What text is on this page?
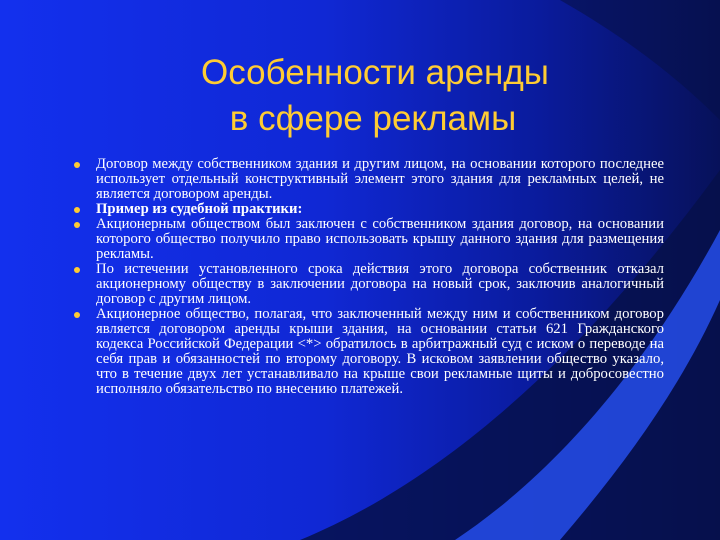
Особенности аренды
в сфере рекламы
Договор между собственником здания и другим лицом, на основании которого последнее использует отдельный конструктивный элемент этого здания для рекламных целей, не является договором аренды.
Пример из судебной практики:
Акционерным обществом был заключен с собственником здания договор, на основании которого общество получило право использовать крышу данного здания для размещения рекламы.
По истечении установленного срока действия этого договора собственник отказал акционерному обществу в заключении договора на новый срок, заключив аналогичный договор с другим лицом.
Акционерное общество, полагая, что заключенный между ним и собственником договор является договором аренды крыши здания, на основании статьи 621 Гражданского кодекса Российской Федерации <*> обратилось в арбитражный суд с иском о переводе на себя прав и обязанностей по второму договору. В исковом заявлении общество указало, что в течение двух лет устанавливало на крыше свои рекламные щиты и добросовестно исполняло обязательство по внесению платежей.
